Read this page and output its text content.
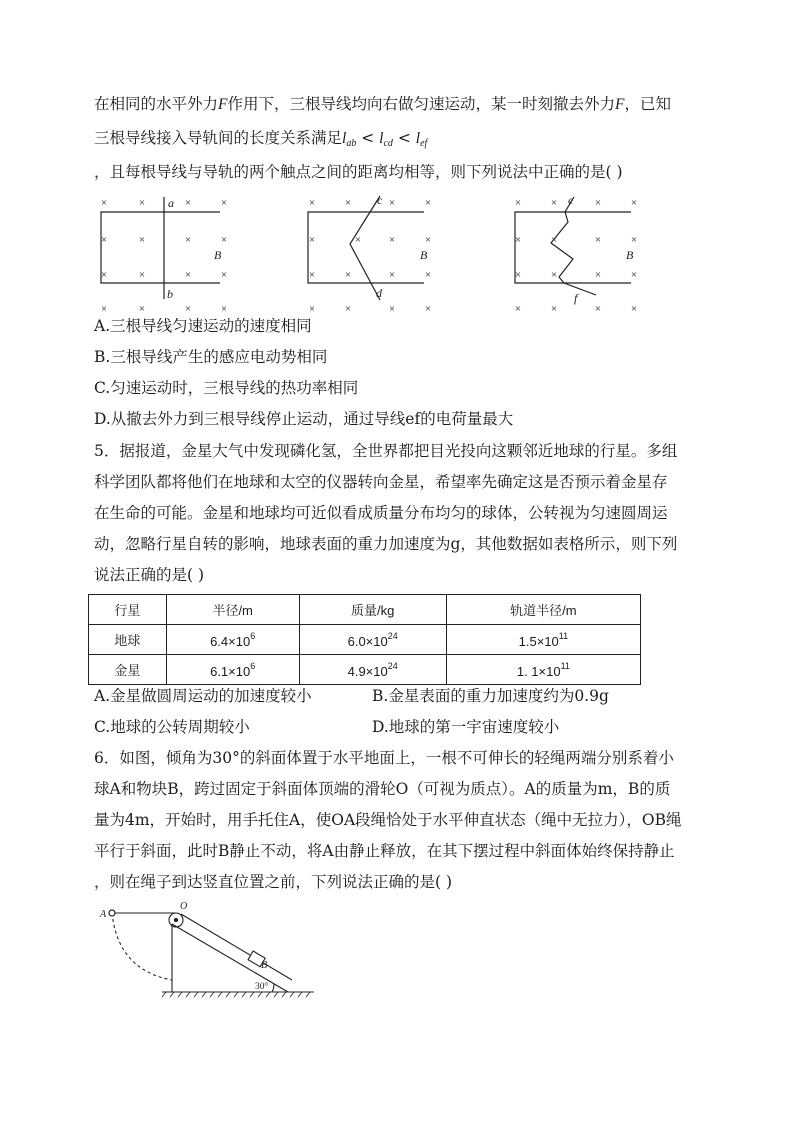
在相同的水平外力F作用下，三根导线均向右做匀速运动，某一时刻撤去外力F，已知
三根导线接入导轨间的长度关系满足$l_{ab} < l_{cd} < l_{ef}$
，且每根导线与导轨的两个触点之间的距离均相等，则下列说法中正确的是( )
×	×	×	×
×	×	×	×
×	×	×	×
×	×	×	×
×	×	×	×
×	×	×	×
×	×	×	×
×	×	×	×
×	×	×	×
×	×	×	×
×	×	×	×
×	×	×	×
a
b
B
c
d
B
e
f
B
A.三根导线匀速运动的速度相同
B.三根导线产生的感应电动势相同
C.匀速运动时，三根导线的热功率相同
D.从撤去外力到三根导线停止运动，通过导线ef的电荷量最大
5．据报道，金星大气中发现磷化氢，全世界都把目光投向这颗邻近地球的行星。多组
科学团队都将他们在地球和太空的仪器转向金星，希望率先确定这是否预示着金星存
在生命的可能。金星和地球均可近似看成质量分布均匀的球体，公转视为匀速圆周运
动，忽略行星自转的影响，地球表面的重力加速度为g，其他数据如表格所示，则下列
说法正确的是( )
行星	半径/m	质量/kg	轨道半径/m
地球	$6.4\times 10^6$	$6.0\times 10^{24}$	$1.5\times 10^{11}$
金星	$6.1\times 10^6$	$4.9\times 10^{24}$	1. $1\times 10^{11}$
A.金星做圆周运动的加速度较小	B.金星表面的重力加速度约为0.9g
C.地球的公转周期较小	D.地球的第一宇宙速度较小
6．如图，倾角为30°的斜面体置于水平地面上，一根不可伸长的轻绳两端分别系着小
球A和物块B，跨过固定于斜面体顶端的滑轮O（可视为质点）。A的质量为m，B的质
量为4m，开始时，用手托住A，使OA段绳恰处于水平伸直状态（绳中无拉力），OB绳
平行于斜面，此时B静止不动，将A由静止释放，在其下摆过程中斜面体始终保持静止
，则在绳子到达竖直位置之前，下列说法正确的是( )
A
O
B
30°
